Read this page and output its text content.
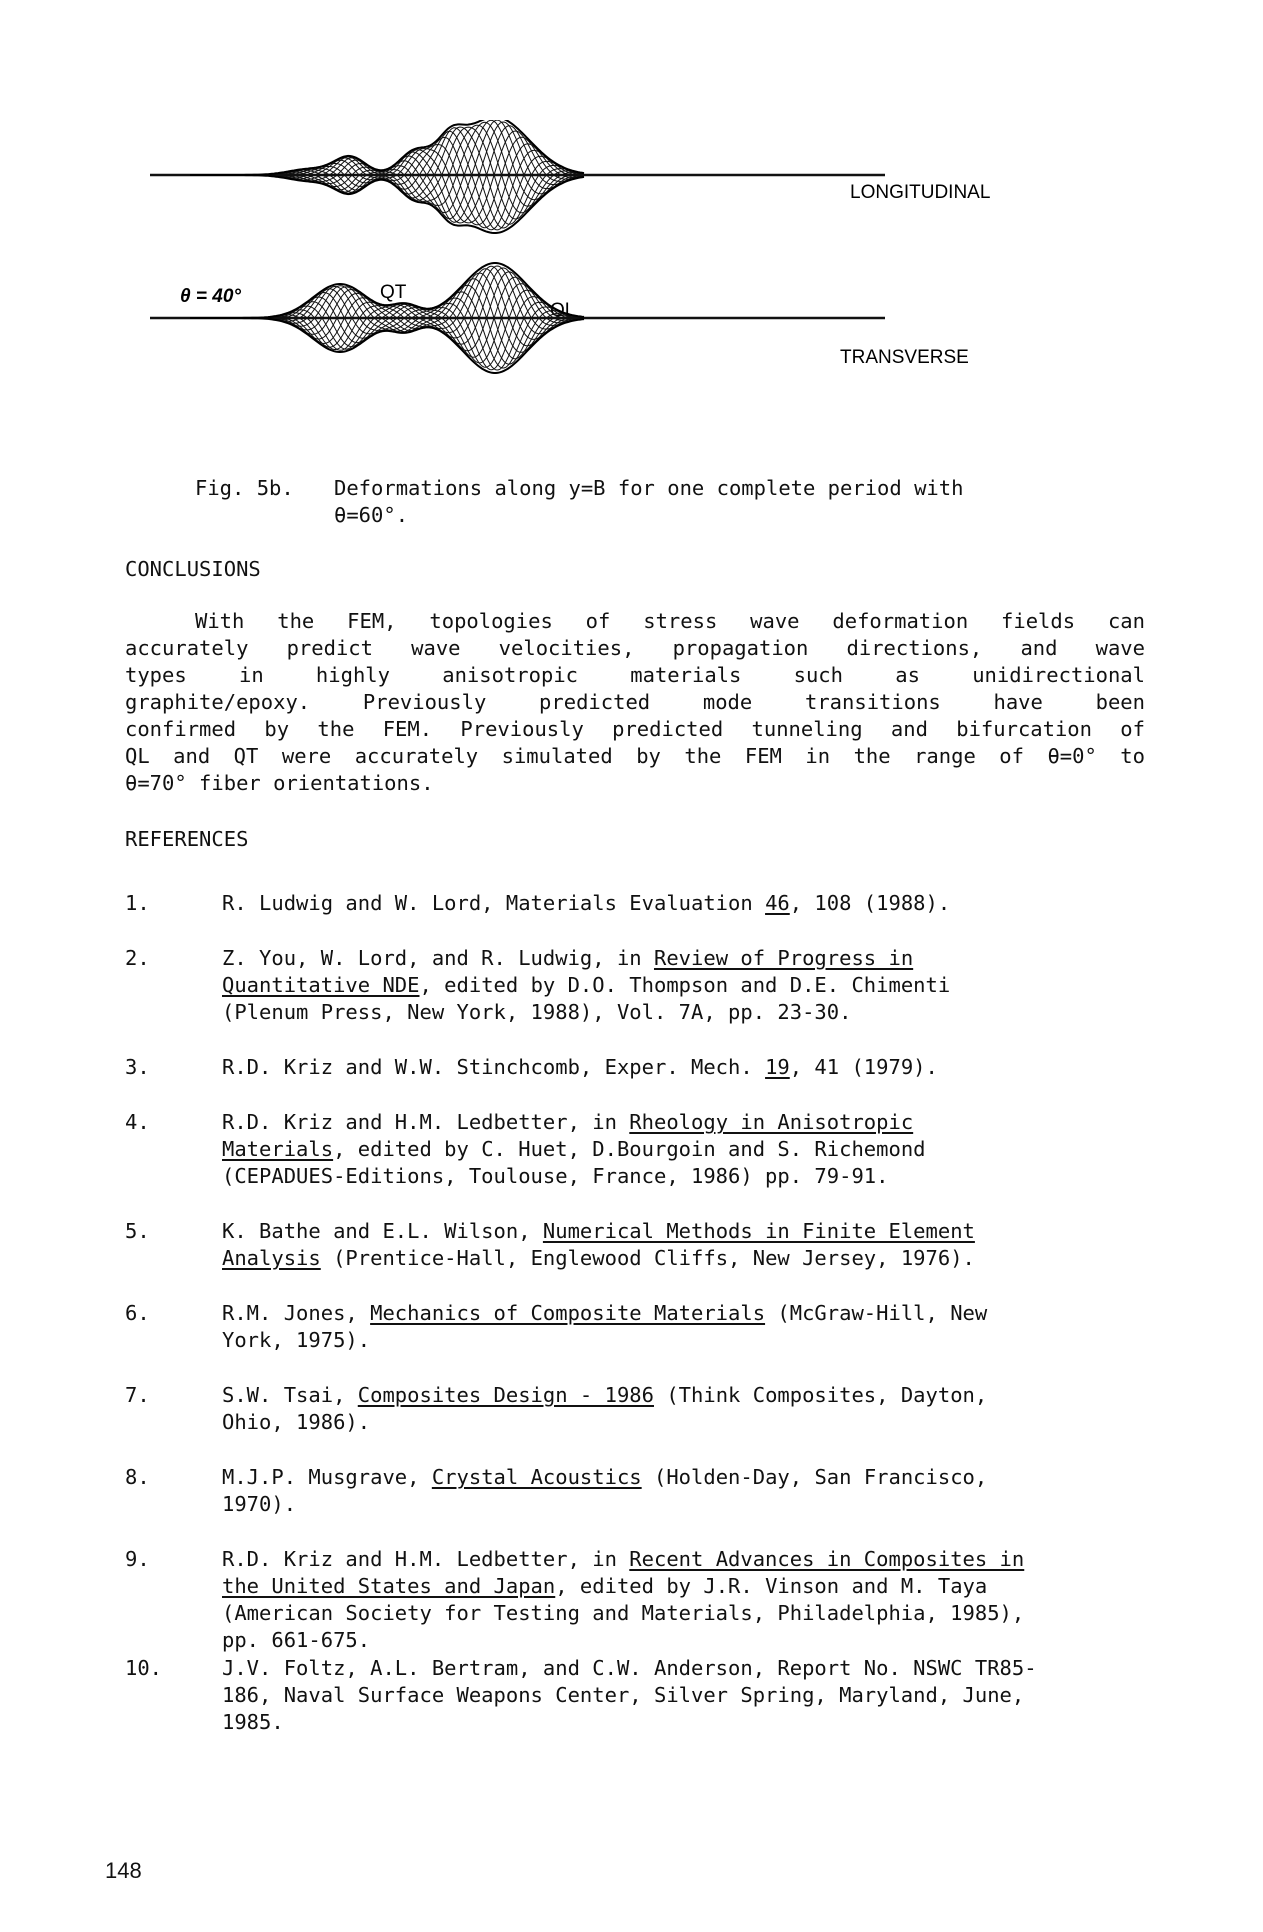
LONGITUDINAL
TRANSVERSE
θ = 40°	QT
QL
Fig. 5b. Deformations along y=B for one complete period with
θ=60°.
CONCLUSIONS
With the FEM, topologies of stress wave deformation fields can
accurately predict wave velocities, propagation directions, and wave
types in highly anisotropic materials such as unidirectional
graphite/epoxy. Previously predicted mode transitions have been
confirmed by the FEM. Previously predicted tunneling and bifurcation of
QL and QT were accurately simulated by the FEM in the range of θ=0° to
θ=70° fiber orientations.
REFERENCES
1.	R. Ludwig and W. Lord, Materials Evaluation 46, 108 (1988).
2.	Z. You, W. Lord, and R. Ludwig, in Review of Progress in
Quantitative NDE, edited by D.O. Thompson and D.E. Chimenti
(Plenum Press, New York, 1988), Vol. 7A, pp. 23-30.
3.	R.D. Kriz and W.W. Stinchcomb, Exper. Mech. 19, 41 (1979).
4.	R.D. Kriz and H.M. Ledbetter, in Rheology in Anisotropic
Materials, edited by C. Huet, D.Bourgoin and S. Richemond
(CEPADUES-Editions, Toulouse, France, 1986) pp. 79-91.
5.	K. Bathe and E.L. Wilson, Numerical Methods in Finite Element
Analysis (Prentice-Hall, Englewood Cliffs, New Jersey, 1976).
6.	R.M. Jones, Mechanics of Composite Materials (McGraw-Hill, New
York, 1975).
7.	S.W. Tsai, Composites Design - 1986 (Think Composites, Dayton,
Ohio, 1986).
8.	M.J.P. Musgrave, Crystal Acoustics (Holden-Day, San Francisco,
1970).
9.	R.D. Kriz and H.M. Ledbetter, in Recent Advances in Composites in
the United States and Japan, edited by J.R. Vinson and M. Taya
(American Society for Testing and Materials, Philadelphia, 1985),
pp. 661-675.
10.	J.V. Foltz, A.L. Bertram, and C.W. Anderson, Report No. NSWC TR85-
186, Naval Surface Weapons Center, Silver Spring, Maryland, June,
1985.
148
